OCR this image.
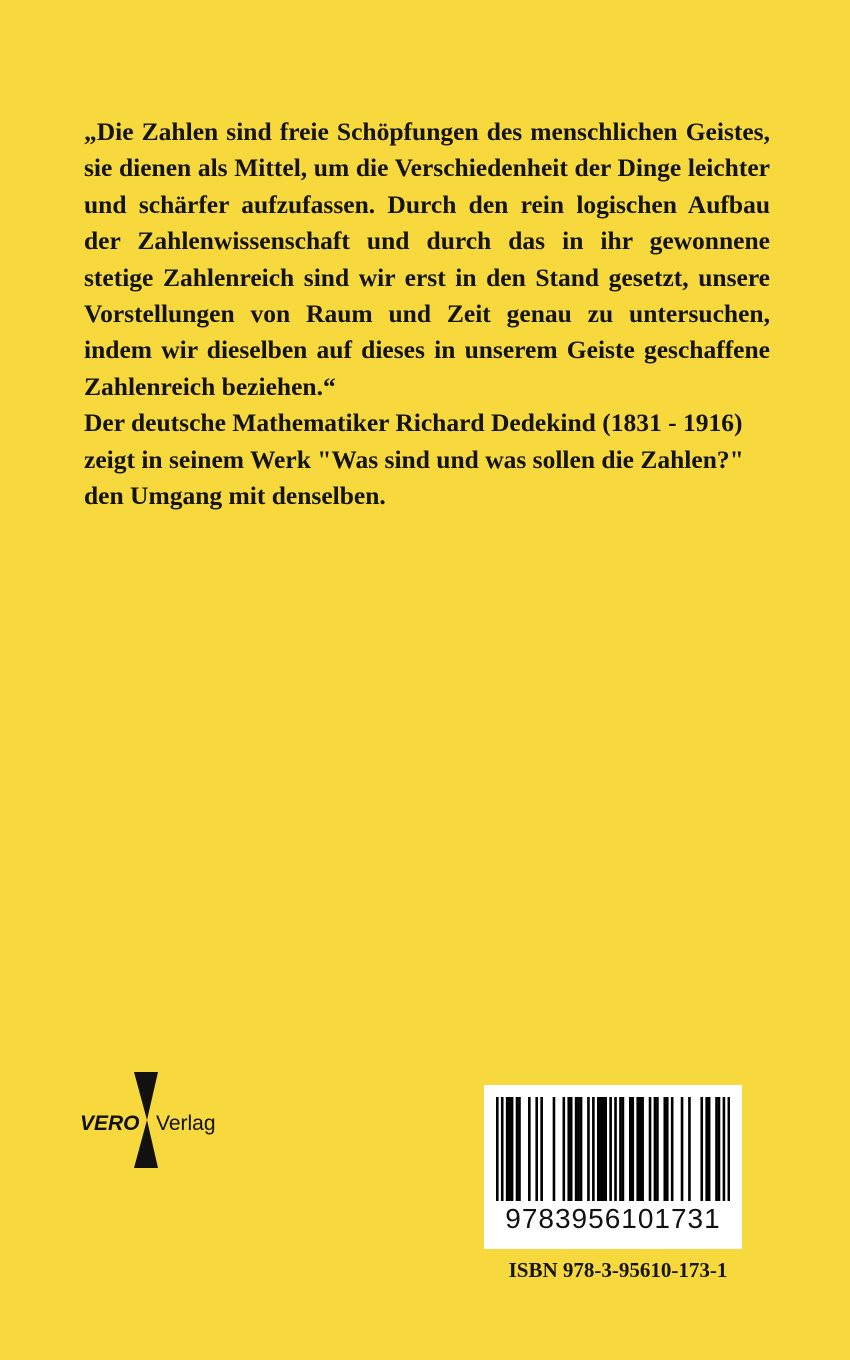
„Die Zahlen sind freie Schöpfungen des menschlichen Geistes, sie dienen als Mittel, um die Verschiedenheit der Dinge leichter und schärfer aufzufassen. Durch den rein logischen Aufbau der Zahlenwissenschaft und durch das in ihr gewonnene stetige Zahlenreich sind wir erst in den Stand gesetzt, unsere Vorstellungen von Raum und Zeit genau zu untersuchen, indem wir dieselben auf dieses in unserem Geiste geschaffene Zahlenreich beziehen.“

Der deutsche Mathematiker Richard Dedekind (1831 - 1916)

zeigt in seinem Werk "Was sind und was sollen die Zahlen?"

den Umgang mit denselben.

VERO Verlag
9783956101731
ISBN 978-3-95610-173-1
